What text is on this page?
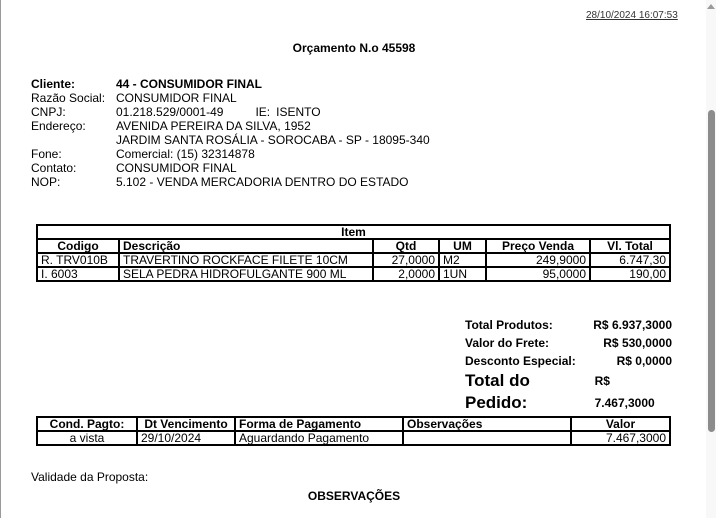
28/10/2024 16:07:53
Orçamento N.o 45598
Cliente:	44 - CONSUMIDOR FINAL
Razão Social: CONSUMIDOR FINAL
CNPJ:	01.218.529/0001-49	IE: ISENTO
Endereço:	AVENIDA PEREIRA DA SILVA, 1952
JARDIM SANTA ROSÁLIA - SOROCABA - SP - 18095-340
Fone:	Comercial: (15) 32314878
Contato:	CONSUMIDOR FINAL
NOP:	5.102 - VENDA MERCADORIA DENTRO DO ESTADO
Item					
Codigo	Descrição	Qtd	UM	Preço Venda	Vl. Total
R. TRV010B	TRAVERTINO ROCKFACE FILETE 10CM	27,0000	M2	249,9000	6.747,30
I. 6003	SELA PEDRA HIDROFULGANTE 900 ML	2,0000	1UN	95,0000	190,00
Total Produtos:	R$ 6.937,3000
Valor do Frete:	R$ 530,0000
Desconto Especial:	R$ 0,0000
Total do Pedido:
R$ 7.467,3000
Cond. Pagto:	Dt Vencimento	Forma de Pagamento	Observações	Valor
a vista	29/10/2024	Aguardando Pagamento		7.467,3000
Validade da Proposta:
OBSERVAÇÕES
